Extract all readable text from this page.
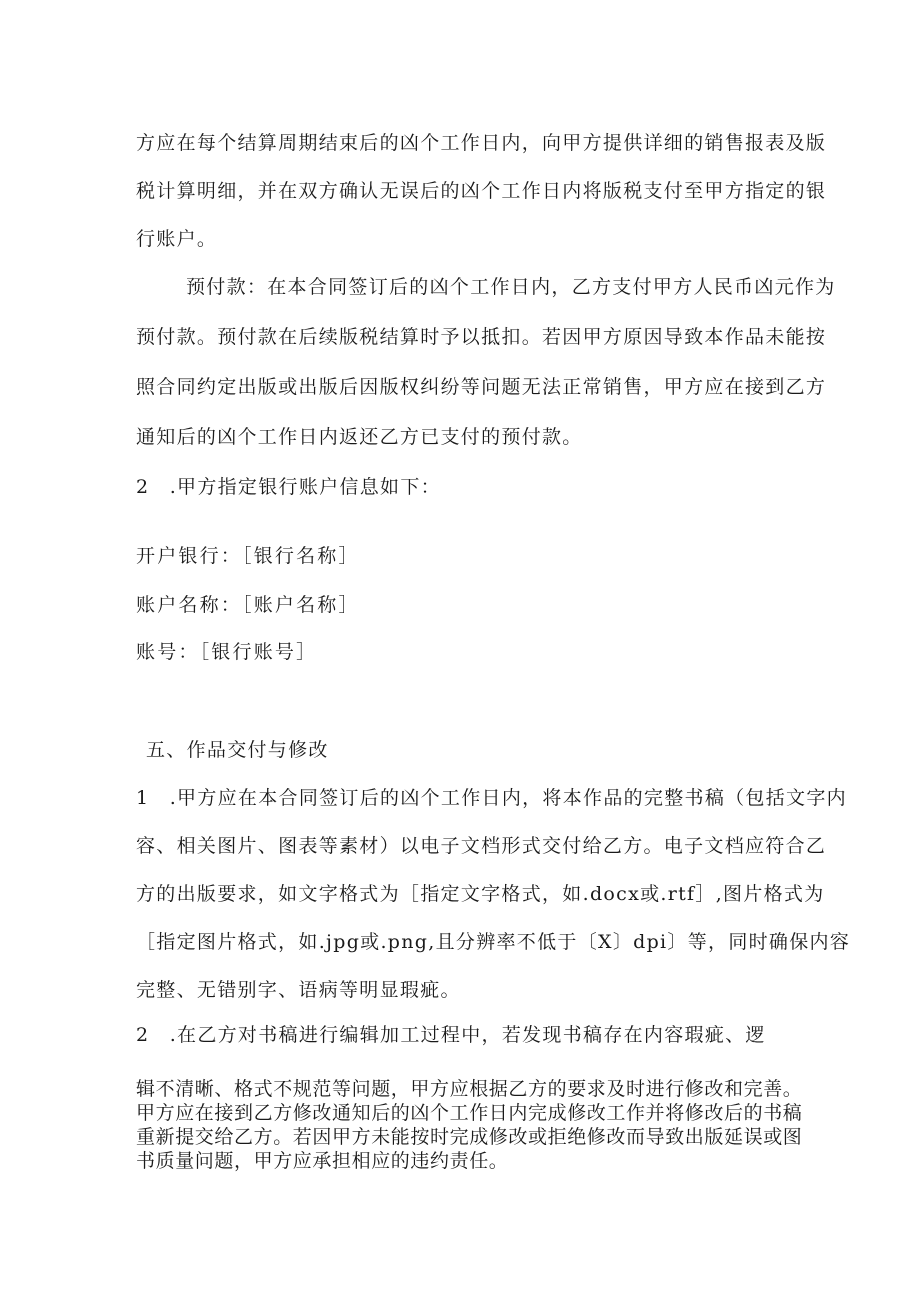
方应在每个结算周期结束后的凶个工作日内，向甲方提供详细的销售报表及版
税计算明细，并在双方确认无误后的凶个工作日内将版税支付至甲方指定的银
行账户。
预付款：在本合同签订后的凶个工作日内，乙方支付甲方人民币凶元作为
预付款。预付款在后续版税结算时予以抵扣。若因甲方原因导致本作品未能按
照合同约定出版或出版后因版权纠纷等问题无法正常销售，甲方应在接到乙方
通知后的凶个工作日内返还乙方已支付的预付款。
2　.甲方指定银行账户信息如下：
开户银行：［银行名称］
账户名称：［账户名称］
账号：［银行账号］
五、作品交付与修改
1　.甲方应在本合同签订后的凶个工作日内，将本作品的完整书稿（包括文字内
容、相关图片、图表等素材）以电子文档形式交付给乙方。电子文档应符合乙
方的出版要求，如文字格式为［指定文字格式，如.docx或.rtf］,图片格式为
［指定图片格式，如.jpg或.png,且分辨率不低于〔X〕dpi〕等，同时确保内容
完整、无错别字、语病等明显瑕疵。
2　.在乙方对书稿进行编辑加工过程中，若发现书稿存在内容瑕疵、逻
辑不清晰、格式不规范等问题，甲方应根据乙方的要求及时进行修改和完善。
甲方应在接到乙方修改通知后的凶个工作日内完成修改工作并将修改后的书稿
重新提交给乙方。若因甲方未能按时完成修改或拒绝修改而导致出版延误或图
书质量问题，甲方应承担相应的违约责任。
